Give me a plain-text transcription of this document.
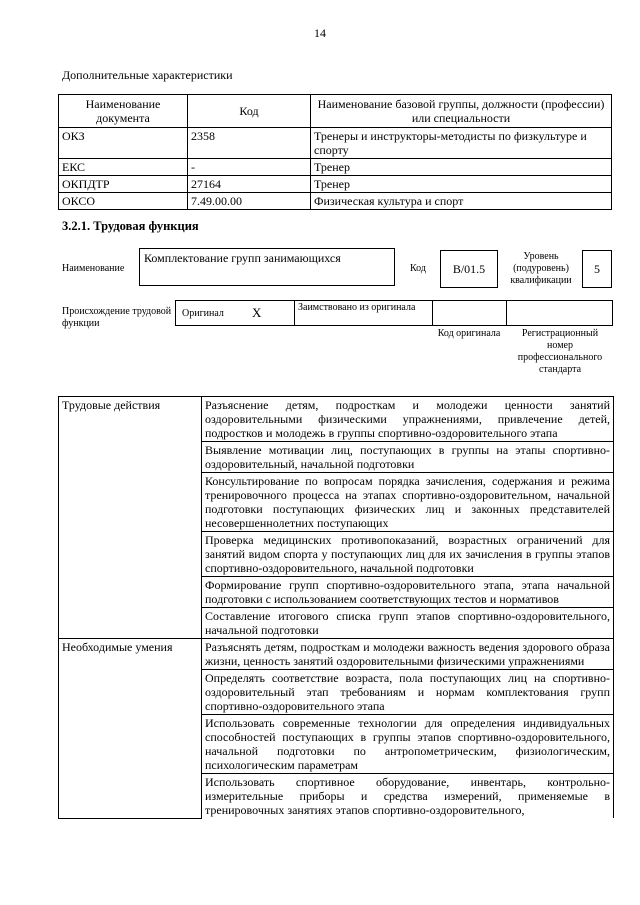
14
Дополнительные характеристики
Наименование документа	Код	Наименование базовой группы, должности (профессии) или специальности
ОКЗ	2358	Тренеры и инструкторы-методисты по физкультуре и спорту
ЕКС	-	Тренер
ОКПДТР	27164	Тренер
ОКСО	7.49.00.00	Физическая культура и спорт
3.2.1. Трудовая функция
Наименование
Комплектование групп занимающихся
Код	В/01.5
Уровень (подуровень) квалификации
5
Происхождение трудовой функции
Оригинал X	Заимствовано из оригинала
Код оригинала	Регистрационный номер профессионального стандарта
Трудовые действия	Разъяснение детям, подросткам и молодежи ценности занятий оздоровительными физическими упражнениями, привлечение детей, подростков и молодежь в группы спортивно-оздоровительного этапа
	Выявление мотивации лиц, поступающих в группы на этапы спортивно-оздоровительный, начальной подготовки
	Консультирование по вопросам порядка зачисления, содержания и режима тренировочного процесса на этапах спортивно-оздоровительном, начальной подготовки поступающих физических лиц и законных представителей несовершеннолетних поступающих
	Проверка медицинских противопоказаний, возрастных ограничений для занятий видом спорта у поступающих лиц для их зачисления в группы этапов спортивно-оздоровительного, начальной подготовки
	Формирование групп спортивно-оздоровительного этапа, этапа начальной подготовки с использованием соответствующих тестов и нормативов
	Составление итогового списка групп этапов спортивно-оздоровительного, начальной подготовки
Необходимые умения	Разъяснять детям, подросткам и молодежи важность ведения здорового образа жизни, ценность занятий оздоровительными физическими упражнениями
	Определять соответствие возраста, пола поступающих лиц на спортивно-оздоровительный этап требованиям и нормам комплектования групп спортивно-оздоровительного этапа
	Использовать современные технологии для определения индивидуальных способностей поступающих в группы этапов спортивно-оздоровительного, начальной подготовки по антропометрическим, физиологическим, психологическим параметрам
	Использовать спортивное оборудование, инвентарь, контрольно-измерительные приборы и средства измерений, применяемые в тренировочных занятиях этапов спортивно-оздоровительного,
